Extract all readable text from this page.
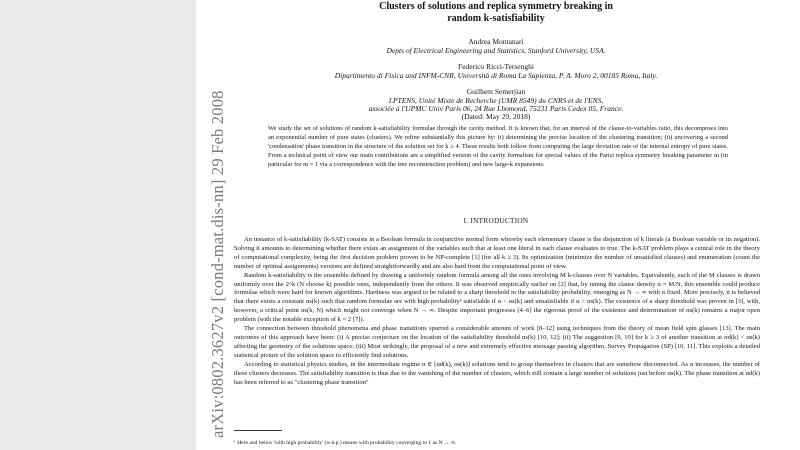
arXiv:0802.3627v2 [cond-mat.dis-nn] 29 Feb 2008
Clusters of solutions and replica symmetry breaking in
random k-satisfiability
Andrea Montanari
Depts of Electrical Engineering and Statistics, Stanford University, USA.
Federico Ricci-Tersenghi
Dipartimento di Fisica and INFM-CNR, Università di Roma La Sapienza, P. A. Moro 2, 00185 Roma, Italy.
Guilhem Semerjian
LPTENS, Unité Mixte de Recherche (UMR 8549) du CNRS et de l'ENS,
associée à l'UPMC Univ Paris 06, 24 Rue Lhomond, 75231 Paris Cedex 05, France.
(Dated: May 29, 2018)
We study the set of solutions of random k-satisfiability formulae through the cavity method. It is known that, for an interval of the clause-to-variables ratio, this decomposes into an exponential number of pure states (clusters). We refine substantially this picture by: (i) determining the precise location of the clustering transition; (ii) uncovering a second 'condensation' phase transition in the structure of the solution set for k ≥ 4. These results both follow from computing the large deviation rate of the internal entropy of pure states. From a technical point of view our main contributions are a simplified version of the cavity formalism for special values of the Parisi replica symmetry breaking parameter m (in particular for m = 1 via a correspondence with the tree reconstruction problem) and new large-k expansions.
I. INTRODUCTION

An instance of k-satisfiability (k-SAT) consists in a Boolean formula in conjunctive normal form whereby each elementary clause is the disjunction of k literals (a Boolean variable or its negation). Solving it amounts to determining whether there exists an assignment of the variables such that at least one literal in each clause evaluates to true. The k-SAT problem plays a central role in the theory of computational complexity, being the first decision problem proven to be NP-complete [1] (for all k ≥ 3). Its optimization (minimize the number of unsatisfied clauses) and enumeration (count the number of optimal assignments) versions are defined straightforwardly and are also hard from the computational point of view.

Random k-satisfiability is the ensemble defined by drawing a uniformly random formula among all the ones involving M k-clauses over N variables. Equivalently, each of the M clauses is drawn uniformly over the 2^k (N choose k) possible ones, independently from the others. It was observed empirically earlier on [2] that, by tuning the clause density α = M/N, this ensemble could produce formulae which were hard for known algorithms. Hardness was argued to be related to a sharp threshold in the satisfiability probability, emerging as N → ∞ with α fixed. More precisely, it is believed that there exists a constant αs(k) such that random formulae are with high probability¹ satisfiable if α < αs(k) and unsatisfiable if α > αs(k). The existence of a sharp threshold was proven in [3], with, however, a critical point αs(k, N) which might not converge when N → ∞. Despite important progresses [4–6] the rigorous proof of the existence and determination of αs(k) remains a major open problem (with the notable exception of k = 2 [7]).

The connection between threshold phenomena and phase transitions spurred a considerable amount of work [8–12] using techniques from the theory of mean field spin glasses [13]. The main outcomes of this approach have been: (i) A precise conjecture on the location of the satisfiability threshold αs(k) [10, 12]; (ii) The suggestion [9, 10] for k ≥ 3 of another transition at αd(k) < αs(k) affecting the geometry of the solutions space; (iii) Most strikingly, the proposal of a new and extremely effective message passing algorithm, Survey Propagation (SP) [10, 11]. This exploits a detailed statistical picture of the solution space to efficiently find solutions.

According to statistical physics studies, in the intermediate regime α ∈ [αd(k), αs(k)] solutions tend to group themselves in clusters that are somehow disconnected. As α increases, the number of these clusters decreases. The satisfiability transition is thus due to the vanishing of the number of clusters, which still contain a large number of solutions just before αs(k). The phase transition at αd(k) has been referred to as "clustering phase transition"

¹ Here and below 'with high probability' (w.h.p.) means with probability converging to 1 as N → ∞.
